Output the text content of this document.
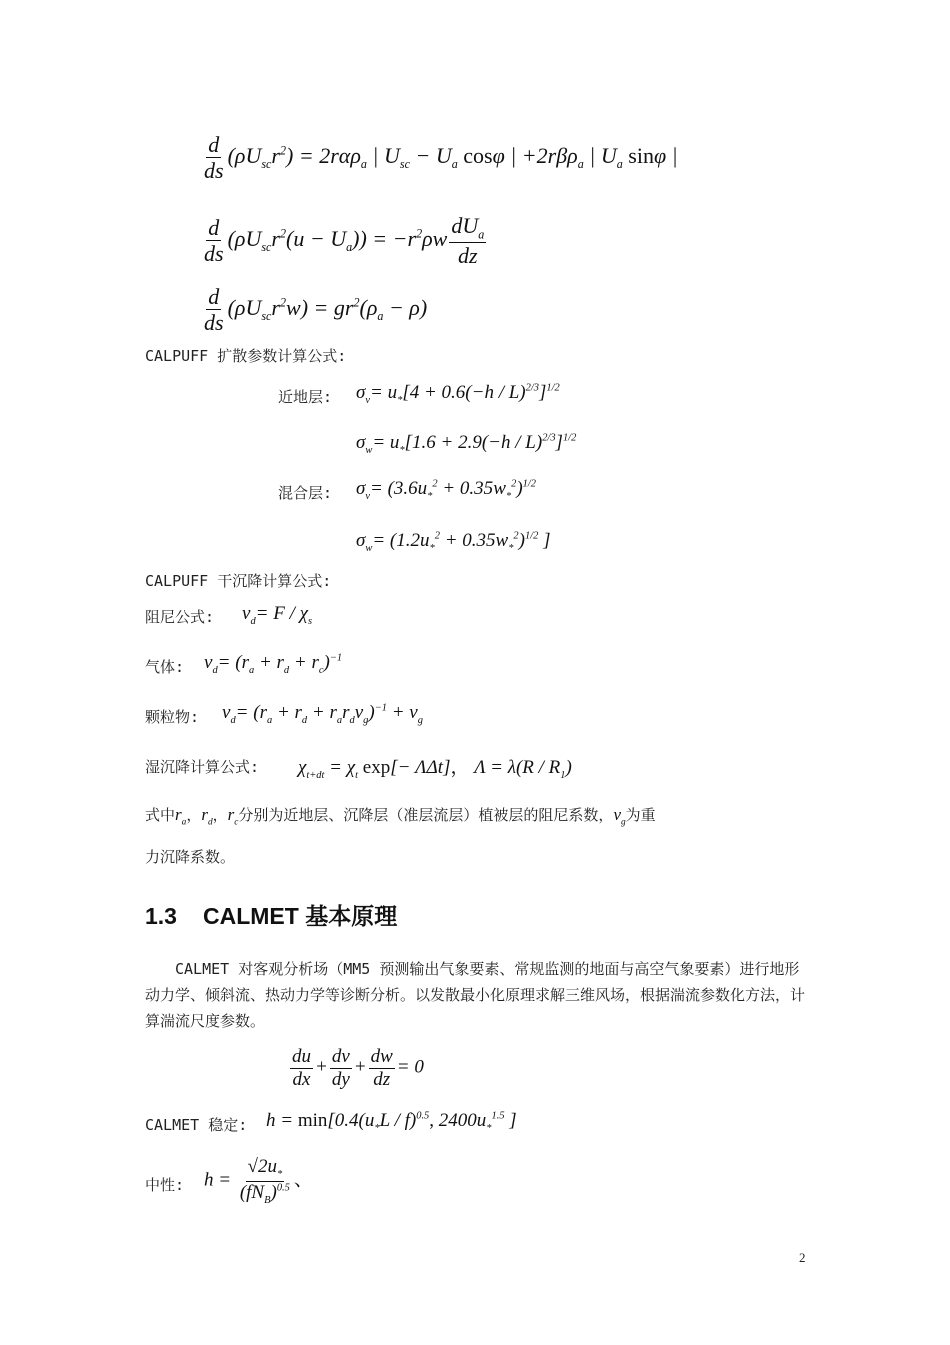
$\frac{d}{ds} (\rho U_{sc}r^2) = 2r\alpha\rho_a$ | $U_{sc} - U_a$ cosφ | +2rβρ$_a$ | $U_a$ sinφ |
$\frac{d}{ds} (\rho U_{sc}r^2(u - U_a)) = -r^2\rho w \frac{dU_a}{dz}$
$\frac{d}{ds} (\rho U_{sc}r^2w) = gr^2(\rho_a - \rho)$
CALPUFF 扩散参数计算公式:
近地层: $\sigma_v= u_*[4 + 0.6(-h / L)^{2/3}]^{1/2}$
$\sigma_w= u_*[1.6 + 2.9(-h / L)^{2/3}]^{1/2}$
混合层: $\sigma_v= (3.6u_*^2 + 0.35w_*^2)^{1/2}$
$\sigma_w= (1.2u_*^2 + 0.35w_*^2)^{1/2}$ ]
CALPUFF 干沉降计算公式:
阻尼公式: $v_d= F / \chi_s$
气体: $v_d= (r_a + r_d + r_c)^{-1}$
颗粒物: $v_d= (r_a + r_d + r_ar_dv_g)^{-1} + v_g$
湿沉降计算公式: $\chi_{t+dt} = \chi_t$ exp[− ΛΔt]， $\Lambda = \lambda(R / R_1)$
式中$r_a$，$r_d$，$r_c$分别为近地层、沉降层（准层流层）植被层的阻尼系数，$v_g$为重
力沉降系数。
1.3 CALMET 基本原理
CALMET 对客观分析场（MM5 预测输出气象要素、常规监测的地面与高空气象要素）进行地形动力学、倾斜流、热动力学等诊断分析。以发散最小化原理求解三维风场，根据湍流参数化方法，计算湍流尺度参数。
$\frac{du}{dx} + \frac{dv}{dy} + \frac{dw}{dz} = 0$
CALMET 稳定: $h = \min[0.4(u_*L / f)^{0.5}$, $2400u_*^{1.5}$ ]
中性: $h = \frac{√2u_*}{(fN_B)^{0.5}}$ 、
2
